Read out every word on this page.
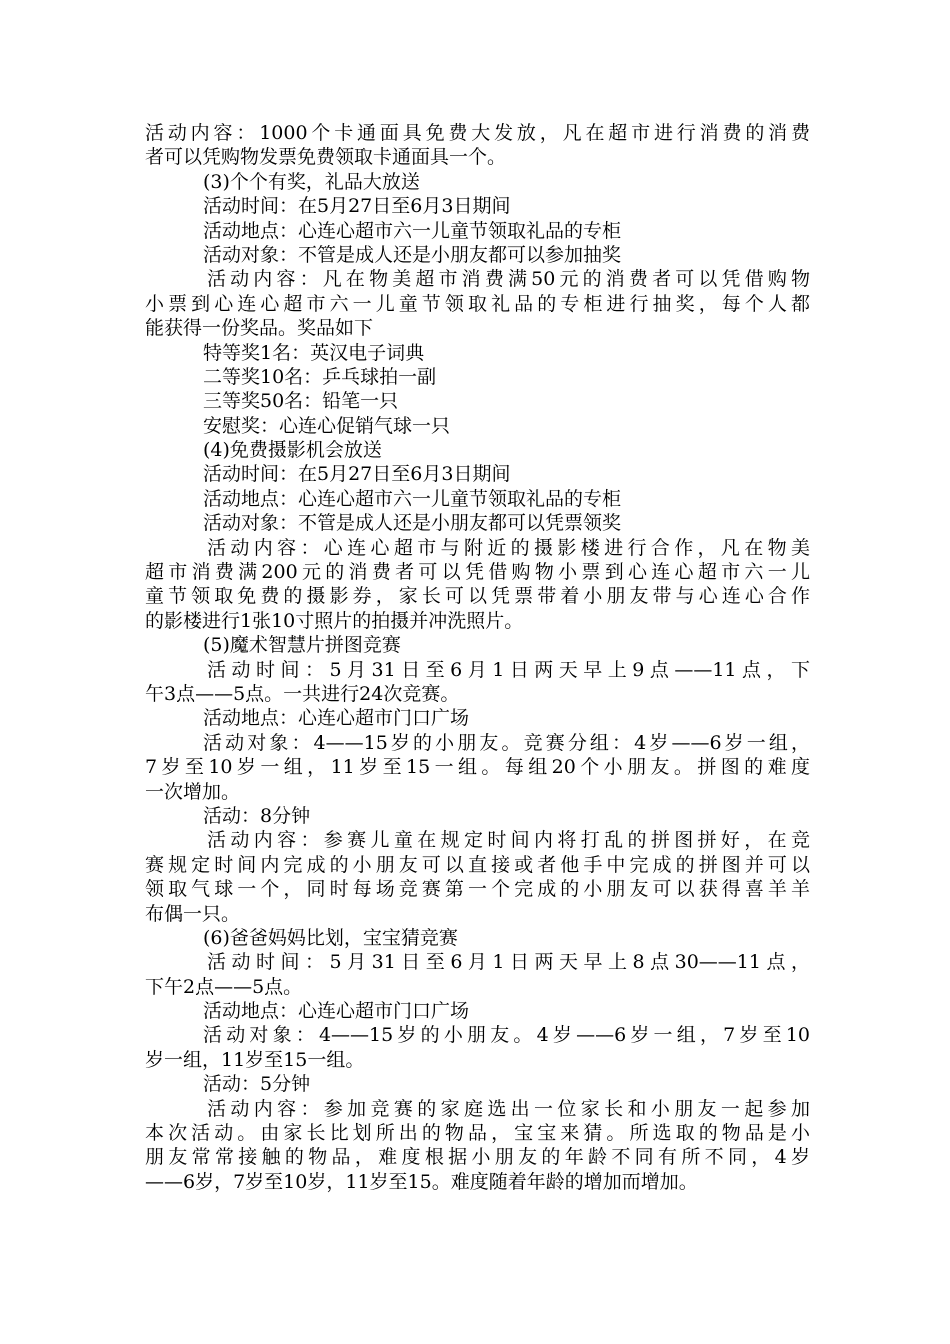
活动内容：1000个卡通面具免费大发放，凡在超市进行消费的消费
者可以凭购物发票免费领取卡通面具一个。
(3)个个有奖，礼品大放送
活动时间：在5月27日至6月3日期间
活动地点：心连心超市六一儿童节领取礼品的专柜
活动对象：不管是成人还是小朋友都可以参加抽奖
活动内容：凡在物美超市消费满50元的消费者可以凭借购物
小票到心连心超市六一儿童节领取礼品的专柜进行抽奖，每个人都
能获得一份奖品。奖品如下
特等奖1名：英汉电子词典
二等奖10名：乒乓球拍一副
三等奖50名：铅笔一只
安慰奖：心连心促销气球一只
(4)免费摄影机会放送
活动时间：在5月27日至6月3日期间
活动地点：心连心超市六一儿童节领取礼品的专柜
活动对象：不管是成人还是小朋友都可以凭票领奖
活动内容：心连心超市与附近的摄影楼进行合作，凡在物美
超市消费满200元的消费者可以凭借购物小票到心连心超市六一儿
童节领取免费的摄影券，家长可以凭票带着小朋友带与心连心合作
的影楼进行1张10寸照片的拍摄并冲洗照片。
(5)魔术智慧片拼图竞赛
活动时间：5月31日至6月1日两天早上9点——11点，下
午3点——5点。一共进行24次竞赛。
活动地点：心连心超市门口广场
活动对象：4——15岁的小朋友。竞赛分组：4岁——6岁一组，
7岁至10岁一组，11岁至15一组。每组20个小朋友。拼图的难度
一次增加。
活动：8分钟
活动内容：参赛儿童在规定时间内将打乱的拼图拼好，在竞
赛规定时间内完成的小朋友可以直接或者他手中完成的拼图并可以
领取气球一个，同时每场竞赛第一个完成的小朋友可以获得喜羊羊
布偶一只。
(6)爸爸妈妈比划，宝宝猜竞赛
活动时间：5月31日至6月1日两天早上8点30——11点，
下午2点——5点。
活动地点：心连心超市门口广场
活动对象：4——15岁的小朋友。4岁——6岁一组，7岁至10
岁一组，11岁至15一组。
活动：5分钟
活动内容：参加竞赛的家庭选出一位家长和小朋友一起参加
本次活动。由家长比划所出的物品，宝宝来猜。所选取的物品是小
朋友常常接触的物品，难度根据小朋友的年龄不同有所不同，4岁
——6岁，7岁至10岁，11岁至15。难度随着年龄的增加而增加。
